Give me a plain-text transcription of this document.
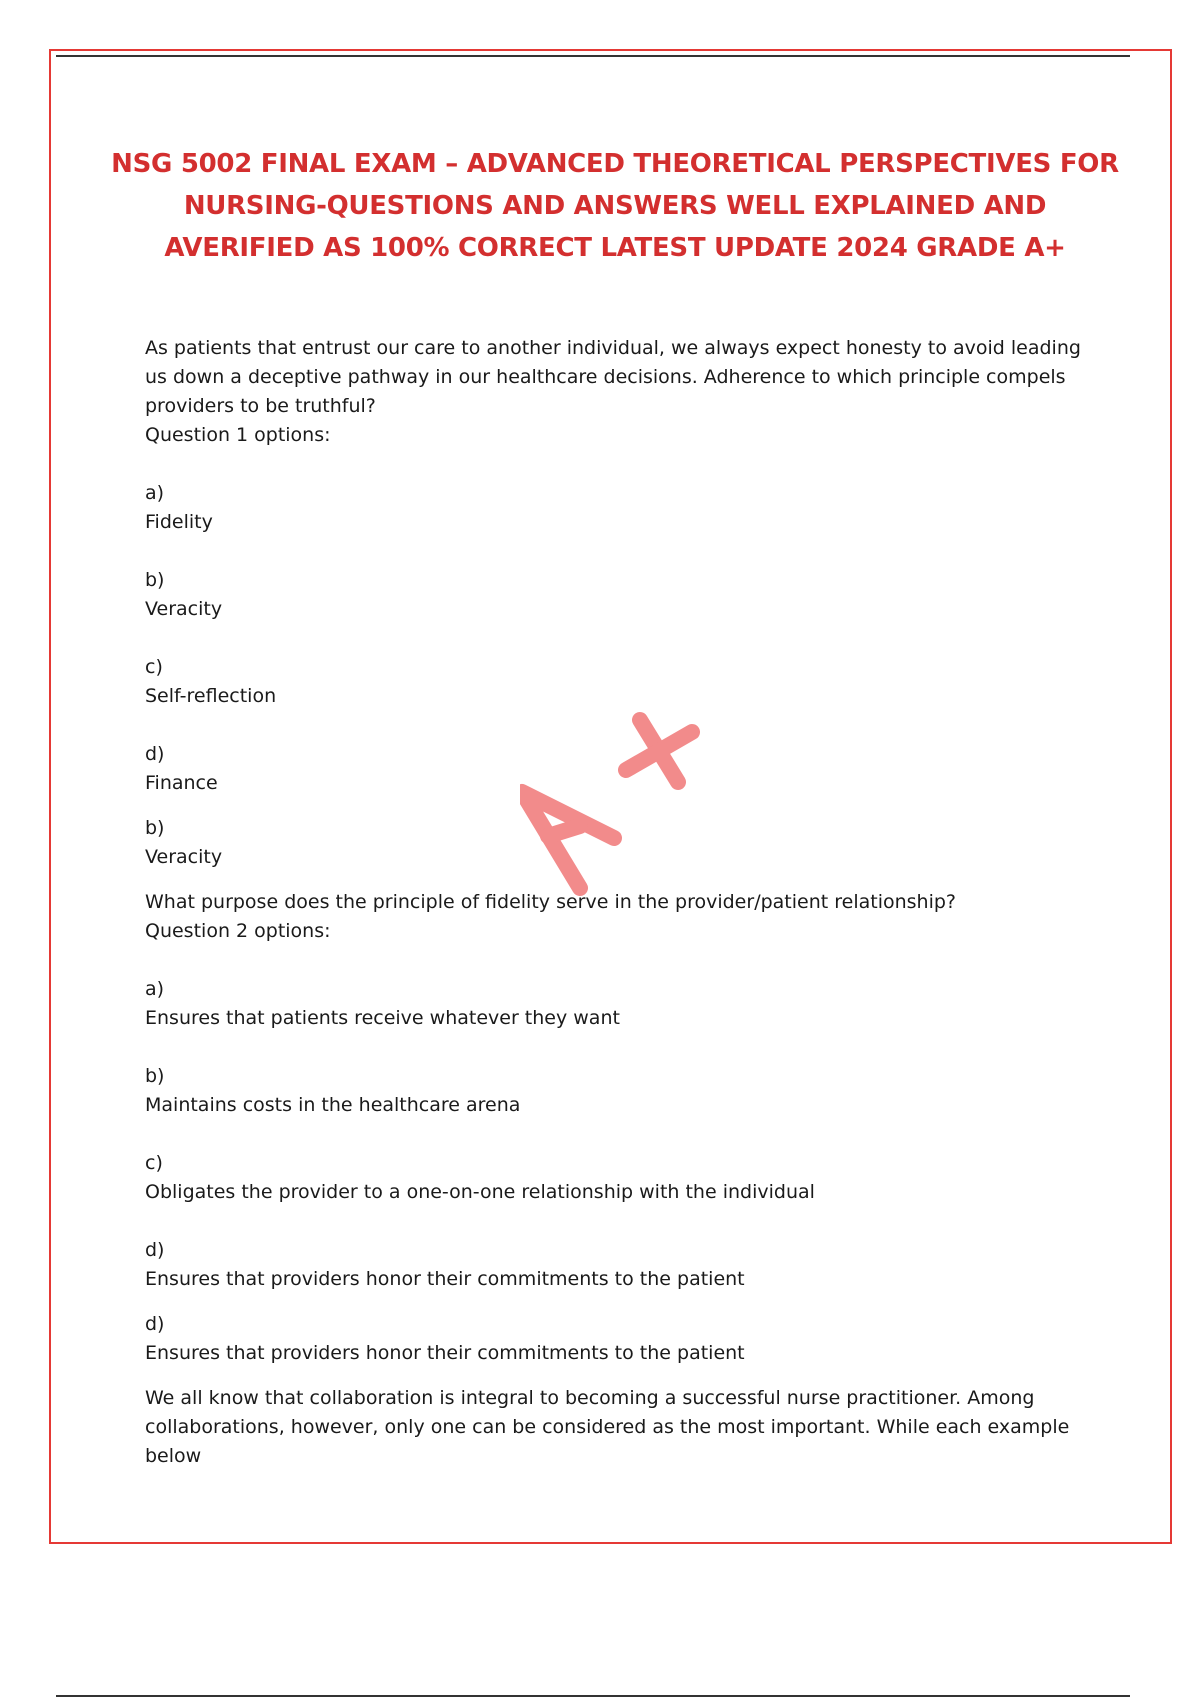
NSG 5002 FINAL EXAM – ADVANCED THEORETICAL PERSPECTIVES FOR
NURSING-QUESTIONS AND ANSWERS WELL EXPLAINED AND
AVERIFIED AS 100% CORRECT LATEST UPDATE 2024 GRADE A+
A+

As patients that entrust our care to another individual, we always expect honesty to avoid leading us down a deceptive pathway in our healthcare decisions. Adherence to which principle compels providers to be truthful?

Question 1 options:

a)

Fidelity

b)

Veracity

c)

Self-reflection

d)

Finance

b)

Veracity

What purpose does the principle of fidelity serve in the provider/patient relationship?

Question 2 options:

a)

Ensures that patients receive whatever they want

b)

Maintains costs in the healthcare arena

c)

Obligates the provider to a one-on-one relationship with the individual

d)

Ensures that providers honor their commitments to the patient

d)

Ensures that providers honor their commitments to the patient

We all know that collaboration is integral to becoming a successful nurse practitioner. Among collaborations, however, only one can be considered as the most important. While each example below
